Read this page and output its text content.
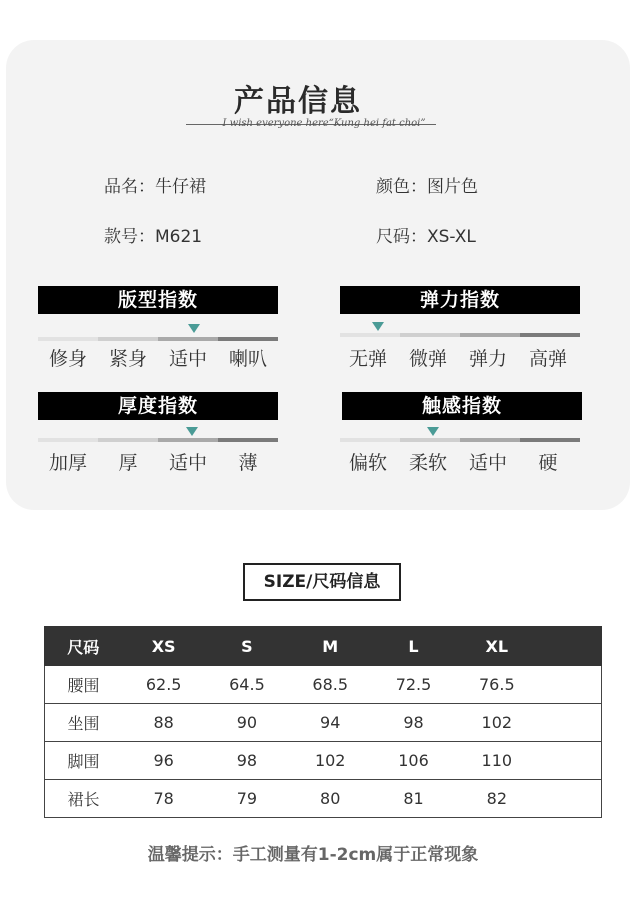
产品信息
I wish everyone here“Kung hei fat choi”
品名：牛仔裙	颜色：图片色
款号：M621	尺码：XS-XL
版型指数
修身	紧身	适中	喇叭
弹力指数
无弹	微弹	弹力	高弹
厚度指数
加厚	厚	适中	薄
触感指数
偏软	柔软	适中	硬
SIZE/尺码信息
尺码	XS	S	M	L	XL	
腰围	62.5	64.5	68.5	72.5	76.5	
坐围	88	90	94	98	102	
脚围	96	98	102	106	110	
裙长	78	79	80	81	82	
温馨提示：手工测量有1-2cm属于正常现象
